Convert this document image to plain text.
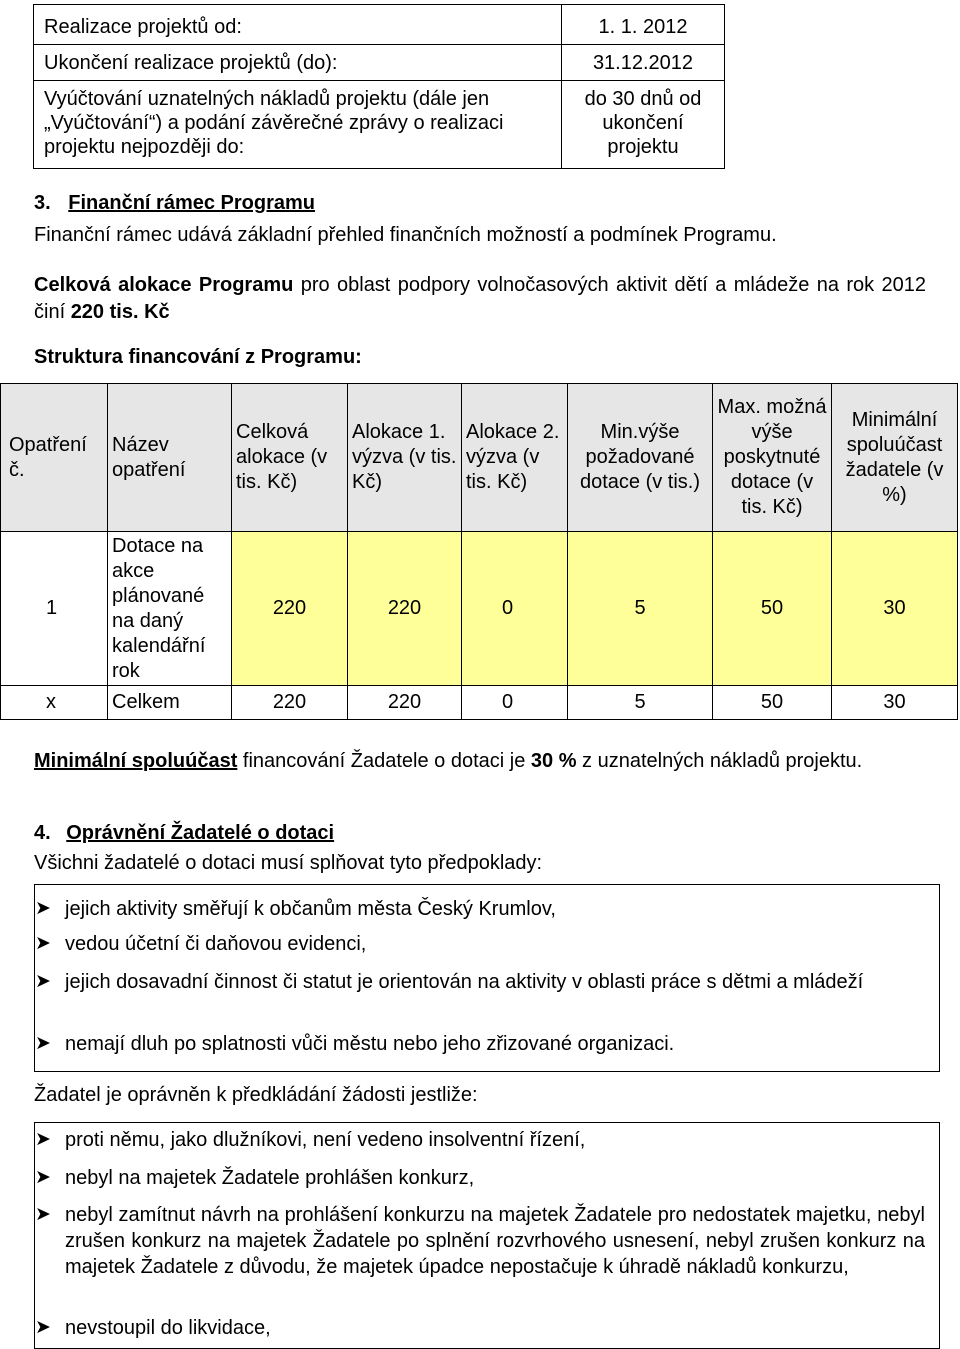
Realizace projektů od:	1. 1. 2012
Ukončení realizace projektů (do):	31.12.2012
Vyúčtování uznatelných nákladů projektu (dále jen „Vyúčtování“) a podání závěrečné zprávy o realizaci projektu nejpozději do:	do 30 dnů od ukončení projektu
3. Finanční rámec Programu
Finanční rámec udává základní přehled finančních možností a podmínek Programu.
Celková alokace Programu pro oblast podpory volnočasových aktivit dětí a mládeže na rok 2012 činí 220 tis. Kč
Struktura financování z Programu:
Opatření č.	Název opatření	Celková alokace (v tis. Kč)	Alokace 1. výzva (v tis. Kč)	Alokace 2. výzva (v tis. Kč)	Min.výše požadované dotace (v tis.)	Max. možná výše poskytnuté dotace (v tis. Kč)	Minimální spoluúčast žadatele (v %)
1	Dotace na akce plánované na daný kalendářní rok	220	220	0	5	50	30
x	Celkem	220	220	0	5	50	30
Minimální spoluúčast financování Žadatele o dotaci je 30 % z uznatelných nákladů projektu.
4. Oprávnění Žadatelé o dotaci
Všichni žadatelé o dotaci musí splňovat tyto předpoklady:
➤ jejich aktivity směřují k občanům města Český Krumlov,
➤ vedou účetní či daňovou evidenci,
➤ jejich dosavadní činnost či statut je orientován na aktivity v oblasti práce s dětmi a mládeží
➤ nemají dluh po splatnosti vůči městu nebo jeho zřizované organizaci.
Žadatel je oprávněn k předkládání žádosti jestliže:
➤ proti němu, jako dlužníkovi, není vedeno insolventní řízení,
➤ nebyl na majetek Žadatele prohlášen konkurz,
➤ nebyl zamítnut návrh na prohlášení konkurzu na majetek Žadatele pro nedostatek majetku, nebyl zrušen konkurz na majetek Žadatele po splnění rozvrhového usnesení, nebyl zrušen konkurz na majetek Žadatele z důvodu, že majetek úpadce nepostačuje k úhradě nákladů konkurzu,
➤ nevstoupil do likvidace,
